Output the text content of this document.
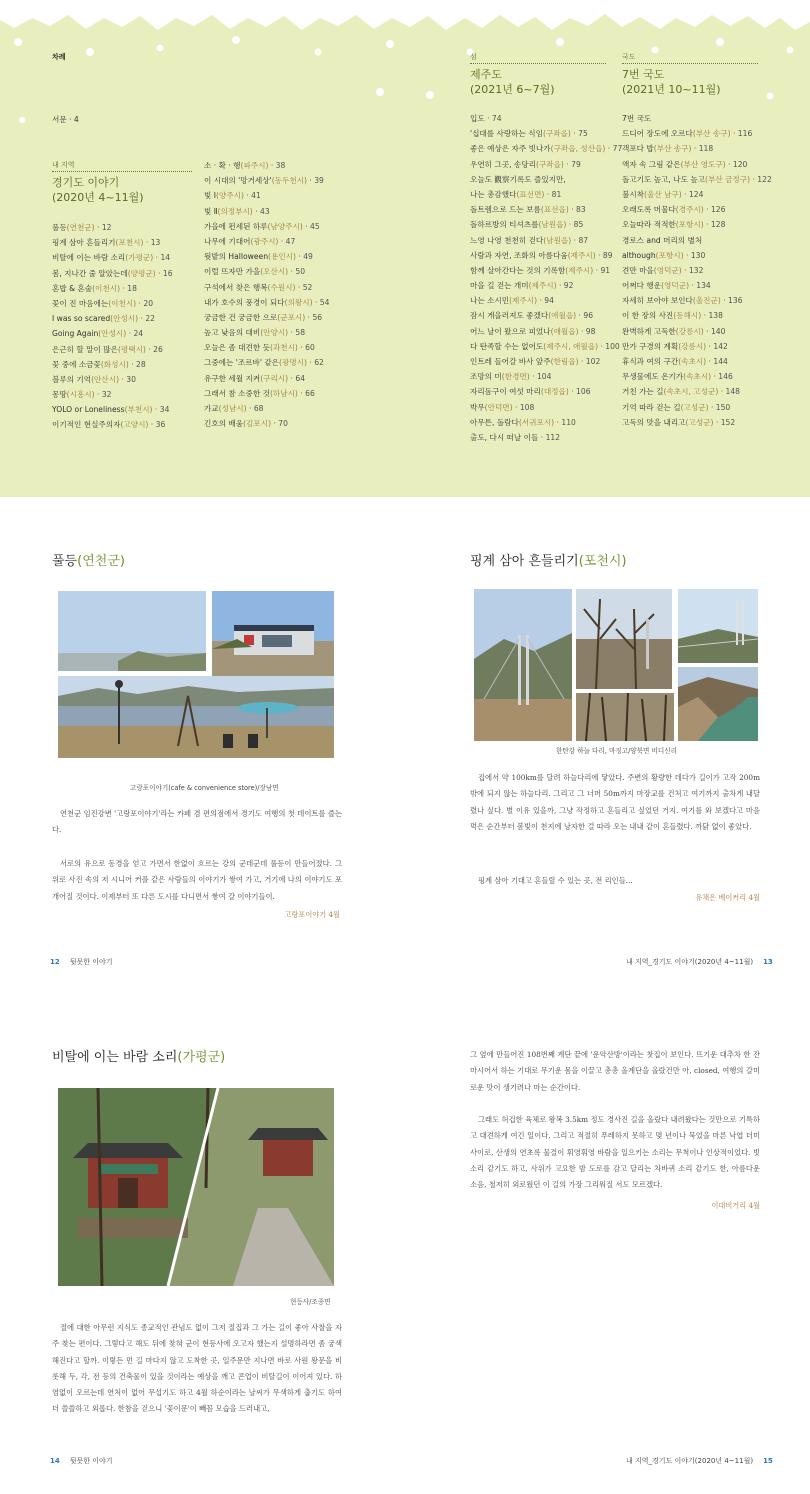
차례
서문 · 4
내 지역
경기도 이야기
(2020년 4~11월)
섬
제주도
(2021년 6~7월)
국도
7번 국도
(2021년 10~11월)
풀등(연천군) · 12
핑계 삼아 흔들리기(포천시) · 13
비탈에 이는 바람 소리(가평군) · 14
봄, 지나간 줄 알았는데(양평군) · 16
혼밥 & 혼술(이천시) · 18
꽃이 진 마음에는(이천시) · 20
I was so scared(안성시) · 22
Going Again(안성시) · 24
은근히 할 말이 많은(평택시) · 26
꽃 중에 소금꽃(화성시) · 28
블루의 기억(안산시) · 30
몽땅(시흥시) · 32
YOLO or Loneliness(부천시) · 34
이기적인 현실주의자(고양시) · 36
소 · 확 · 행(파주시) · 38
이 시대의 '망거세상'(동두천시) · 39
빛 Ⅰ(양주시) · 41
빛 Ⅱ(의정부시) · 43
가을에 펀세된 하루(남양주시) · 45
나무에 기대어(광주시) · 47
둿밭의 Halloween(용인시) · 49
이럴 뜨자만 가을(오산시) · 50
구석에서 찾은 행복(수원시) · 52
내가 호수의 풍경이 되다(의왕시) · 54
궁금한 건 궁금한 으로(군포시) · 56
높고 낮음의 대비(안양시) · 58
오늘은 좀 대견한 듯(과천시) · 60
그중에는 '조르바' 같은(광명시) · 62
유구한 세월 지켜(구리시) · 64
그래서 참 소중한 것(하남시) · 66
가교(성남시) · 68
긴호의 배움(김포시) · 70
입도 · 74
'십대를 사랑하는 식임(구좌읍) · 75
좋은 예상은 자주 빗나가(구좌읍, 성산읍) · 77
우연히 그곳, 송당리(구좌읍) · 79
오늘도 觀察기록도 즐있지만,
나는 총감했다(표선면) · 81
돌트렘으로 드는 보름(표선읍) · 83
돌하르방의 티셔츠를(남원읍) · 85
느영 나영 천천히 걷다(남원읍) · 87
사람과 자연, 조화의 아름다움(제주시) · 89
함께 살아간다는 것의 기록함(제주시) · 91
마을 길 걷는 개미(제주시) · 92
나는 소시민(제주시) · 94
잠시 게을러져도 좋겠다(애월읍) · 96
어느 날이 왔으로 피었나(애월읍) · 98
다 탄족할 수는 없어도(제주시, 애월읍) · 100
인트레 들어갈 바사 앞주(한림읍) · 102
조망의 미(한경면) · 104
자리돔구이 여섯 마리(대정읍) · 106
박무(안덕면) · 108
아무튼, 돌람다(서귀포시) · 110
출도, 다시 떠날 이들 · 112
7번 국도
드디어 장도에 오르다(부산 송구) · 116
객포다 밥(부산 송구) · 118
액자 속 그림 같은(부산 영도구) · 120
돌고기도 높고, 나도 높고(부산 금정구) · 122
불시착(울산 남구) · 124
오래도록 머물다(경주시) · 126
오늘따라 적적한(포항시) · 128
경로스 and 머리의 별처
although(포항시) · 130
견만 마을(영덕군) · 132
어쩌다 행운(영덕군) · 134
자세히 보아야 보인다(울진군) · 136
이 한 장의 사진(동해시) · 138
완벽하게 고독한(강릉시) · 140
만가 구경의 계획(강릉시) · 142
휴식과 여의 구간(속초시) · 144
무생물에도 온기가(속초시) · 146
거친 가는 길(속초시, 고성군) · 148
기억 따라 걷는 길(고성군) · 150
고독의 맛을 내리고(고성군) · 152
풀등(연천군)
고랑포이야기(cafe & convenience store)/장남면

연천군 임진강변 '고랑포이야기'라는 카페 겸 편의점에서 경기도 여행의 첫 데이트를 즐는다.

서로의 유으로 동경을 얻고 가면서 한없이 흐르는 강의 군데군데 풀등이 만들어졌다. 그 위로 사진 속의 저 시니어 커플 같은 사람들의 이야기가 쌓여 가고, 거기에 나의 이야기도 포개어질 것이다. 이제부터 또 다른 도시를 다니면서 쌓여 갈 이야기들이.

고랑포이야기 4월
12 뒷못한 이야기
핑계 삼아 흔들리기(포천시)
한탄강 하늘 다리, 마징고/양북면 비디신리

집에서 약 100km를 달려 하늘다리에 닿았다. 주변의 황량한 데다가 길이가 고작 200m밖에 되지 않는 하늘다리. 그리고 그 너머 50m까지 마장교를 건처고 여기까지 출차게 내달렸나 싶다. 별 이유 있을까, 그냥 작정하고 흔들리고 싶었던 거지. 여기를 와 보겠다고 마음먹은 순간부터 봄빛이 천지에 낭자한 걸 따라 오는 내내 같이 흔들렸다. 까닭 없이 좋았다.

핑계 삼아 기대고 흔들릴 수 있는 곳, 전 리인들...

유채은 베이커리 4월
내 지역_경기도 이야기(2020년 4~11월) 13
비탈에 이는 바람 소리(가평군)
현등사/조종면

절에 대한 아무런 지식도 종교적인 관념도 없이 그저 절집과 그 가는 길이 좋아 사찰을 자주 찾는 편이다. 그렇다고 해도 뒤에 찾혀 군이 현등사에 오고자 했는지 설명하라면 좀 궁색해진다고 할까. 이렇든 먼 길 마다지 않고 도착한 곳, 일주문만 지나면 바로 사원 왕문을 비롯해 두, 각, 전 등의 건축물이 있을 것이라는 예상을 깨고 콘업이 비탈길이 이어져 있다. 하염없이 오르는데 연처이 없어 무섭기도 하고 4월 하순이라는 날씨가 무색하게 춥기도 하여 더 쓸쓸하고 외롭다. 한참을 걷으니 '꽃이문'이 빼꼼 모습을 드러내고,

14 뒷못한 이야기

그 옆에 만들어진 108번째 계단 끝에 '운악산방'이라는 찻집이 보인다. 뜨기운 대추차 한 잔 마시어서 하는 기대로 무기운 몸을 이끌고 총총 올계단을 올랐건만 아, closed, 여행의 갈미로운 맛이 생기려나 마는 순간이다.

그래도 허겁한 육체로 왕복 3.5km 정도 경사진 길을 올랐다 내려왔다는 것만으로 기특하고 대견하게 여긴 일이다. 그리고 적절히 푸레하지 못하고 몇 년이나 묵었을 마른 낙엽 더미 사이로, 산생의 연초록 물결이 휘영휘영 바람을 일으키는 소리는 무척이나 인상적이었다. 빗소리 같기도 하고, 사위가 고요한 밤 도로를 감고 달리는 차바퀴 소리 같기도 한, 아름다운 소음, 철저히 외로웠던 이 길의 가장 그리워질 서도 모르겠다.

이대비거리 4월
내 지역_경기도 이야기(2020년 4~11월) 15
